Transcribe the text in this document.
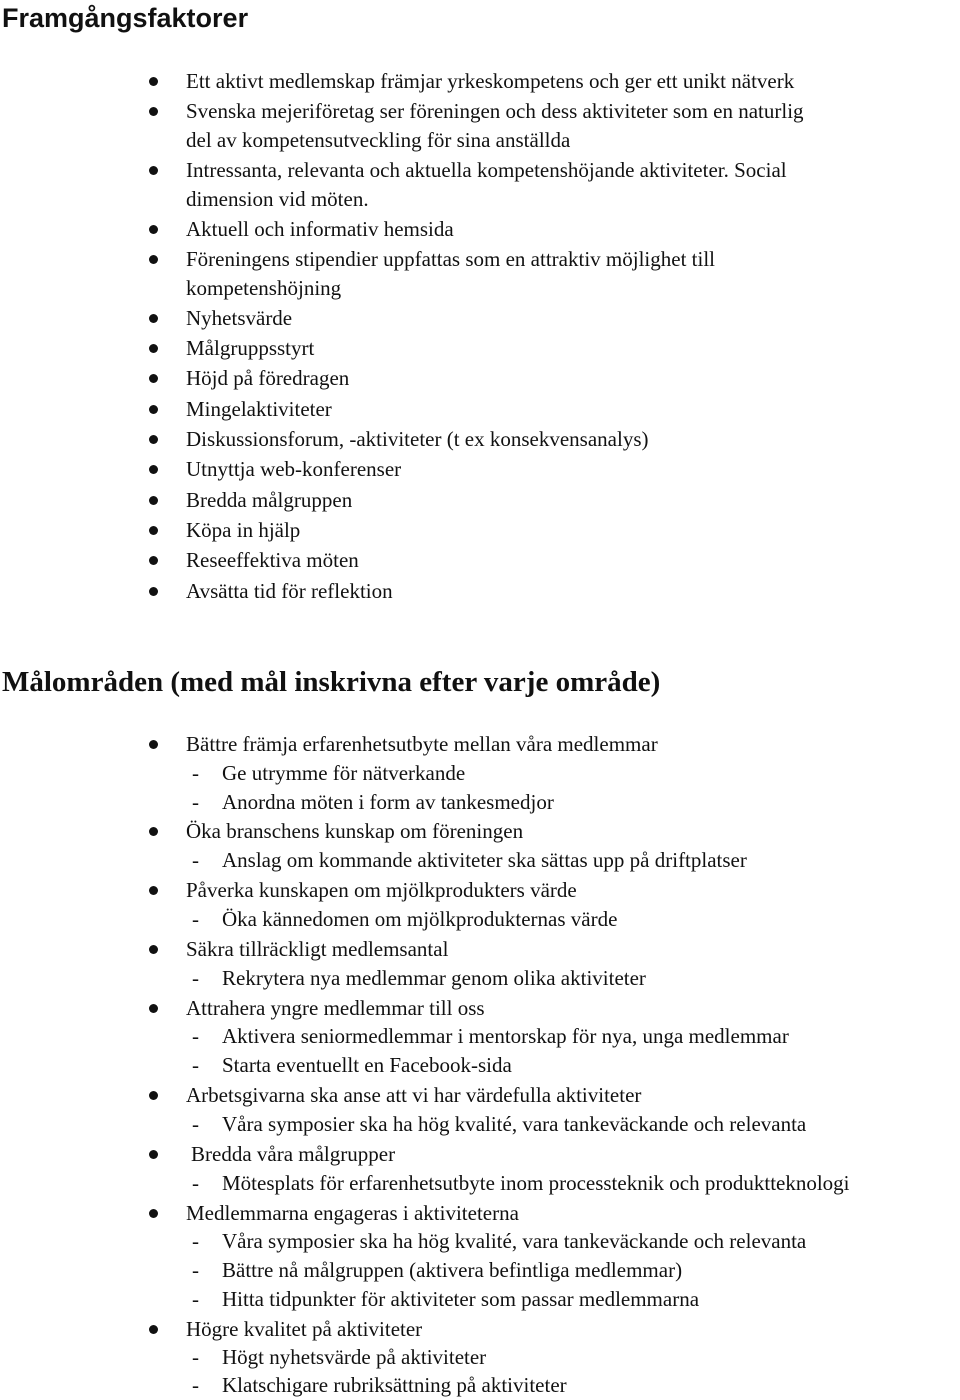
Framgångsfaktorer
Ett aktivt medlemskap främjar yrkeskompetens och ger ett unikt nätverk
Svenska mejeriföretag ser föreningen och dess aktiviteter som en naturlig
del av kompetensutveckling för sina anställda
Intressanta, relevanta och aktuella kompetenshöjande aktiviteter. Social
dimension vid möten.
Aktuell och informativ hemsida
Föreningens stipendier uppfattas som en attraktiv möjlighet till
kompetenshöjning
Nyhetsvärde
Målgruppsstyrt
Höjd på föredragen
Mingelaktiviteter
Diskussionsforum, -aktiviteter (t ex konsekvensanalys)
Utnyttja web-konferenser
Bredda målgruppen
Köpa in hjälp
Reseeffektiva möten
Avsätta tid för reflektion
Målområden (med mål inskrivna efter varje område)
Bättre främja erfarenhetsutbyte mellan våra medlemmar
- Ge utrymme för nätverkande
- Anordna möten i form av tankesmedjor
Öka branschens kunskap om föreningen
- Anslag om kommande aktiviteter ska sättas upp på driftplatser
Påverka kunskapen om mjölkprodukters värde
- Öka kännedomen om mjölkprodukternas värde
Säkra tillräckligt medlemsantal
- Rekrytera nya medlemmar genom olika aktiviteter
Attrahera yngre medlemmar till oss
- Aktivera seniormedlemmar i mentorskap för nya, unga medlemmar
- Starta eventuellt en Facebook-sida
Arbetsgivarna ska anse att vi har värdefulla aktiviteter
- Våra symposier ska ha hög kvalité, vara tankeväckande och relevanta
Bredda våra målgrupper
- Mötesplats för erfarenhetsutbyte inom processteknik och produktteknologi
Medlemmarna engageras i aktiviteterna
- Våra symposier ska ha hög kvalité, vara tankeväckande och relevanta
- Bättre nå målgruppen (aktivera befintliga medlemmar)
- Hitta tidpunkter för aktiviteter som passar medlemmarna
Högre kvalitet på aktiviteter
- Högt nyhetsvärde på aktiviteter
- Klatschigare rubriksättning på aktiviteter
